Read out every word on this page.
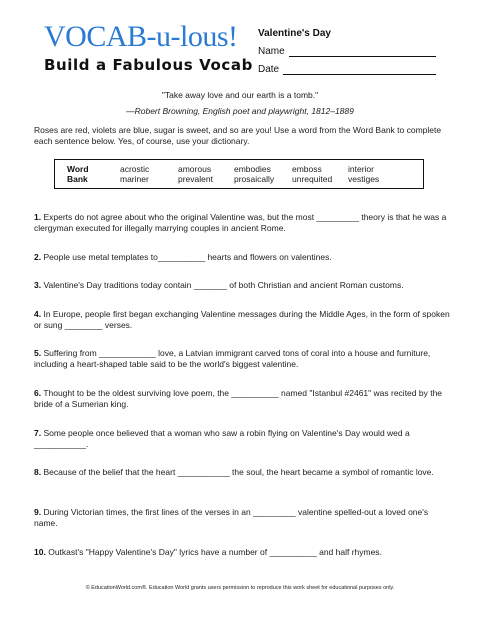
VOCAB-u-lous!
Build a Fabulous Vocab
Valentine's Day
Name
Date
"Take away love and our earth is a tomb."
—Robert Browning, English poet and playwright, 1812–1889
Roses are red, violets are blue, sugar is sweet, and so are you! Use a word from the Word Bank to complete each sentence below. Yes, of course, use your dictionary.
Word
Bank
acrostic
mariner
amorous
prevalent
embodies
prosaically
emboss
unrequited
interior
vestiges
1. Experts do not agree about who the original Valentine was, but the most _________ theory is that he was a clergyman executed for illegally marrying couples in ancient Rome.
2. People use metal templates to__________ hearts and flowers on valentines.
3. Valentine's Day traditions today contain _______ of both Christian and ancient Roman customs.
4. In Europe, people first began exchanging Valentine messages during the Middle Ages, in the form of spoken or sung ________ verses.
5. Suffering from ____________ love, a Latvian immigrant carved tons of coral into a house and furniture, including a heart-shaped table said to be the world's biggest valentine.
6. Thought to be the oldest surviving love poem, the __________ named "Istanbul #2461" was recited by the bride of a Sumerian king.
7. Some people once believed that a woman who saw a robin flying on Valentine's Day would wed a ___________.
8. Because of the belief that the heart ___________ the soul, the heart became a symbol of romantic love.
9. During Victorian times, the first lines of the verses in an _________ valentine spelled-out a loved one's name.
10. Outkast's "Happy Valentine's Day" lyrics have a number of __________ and half rhymes.
© EducationWorld.com®. Education World grants users permission to reproduce this work sheet for educational purposes only.
